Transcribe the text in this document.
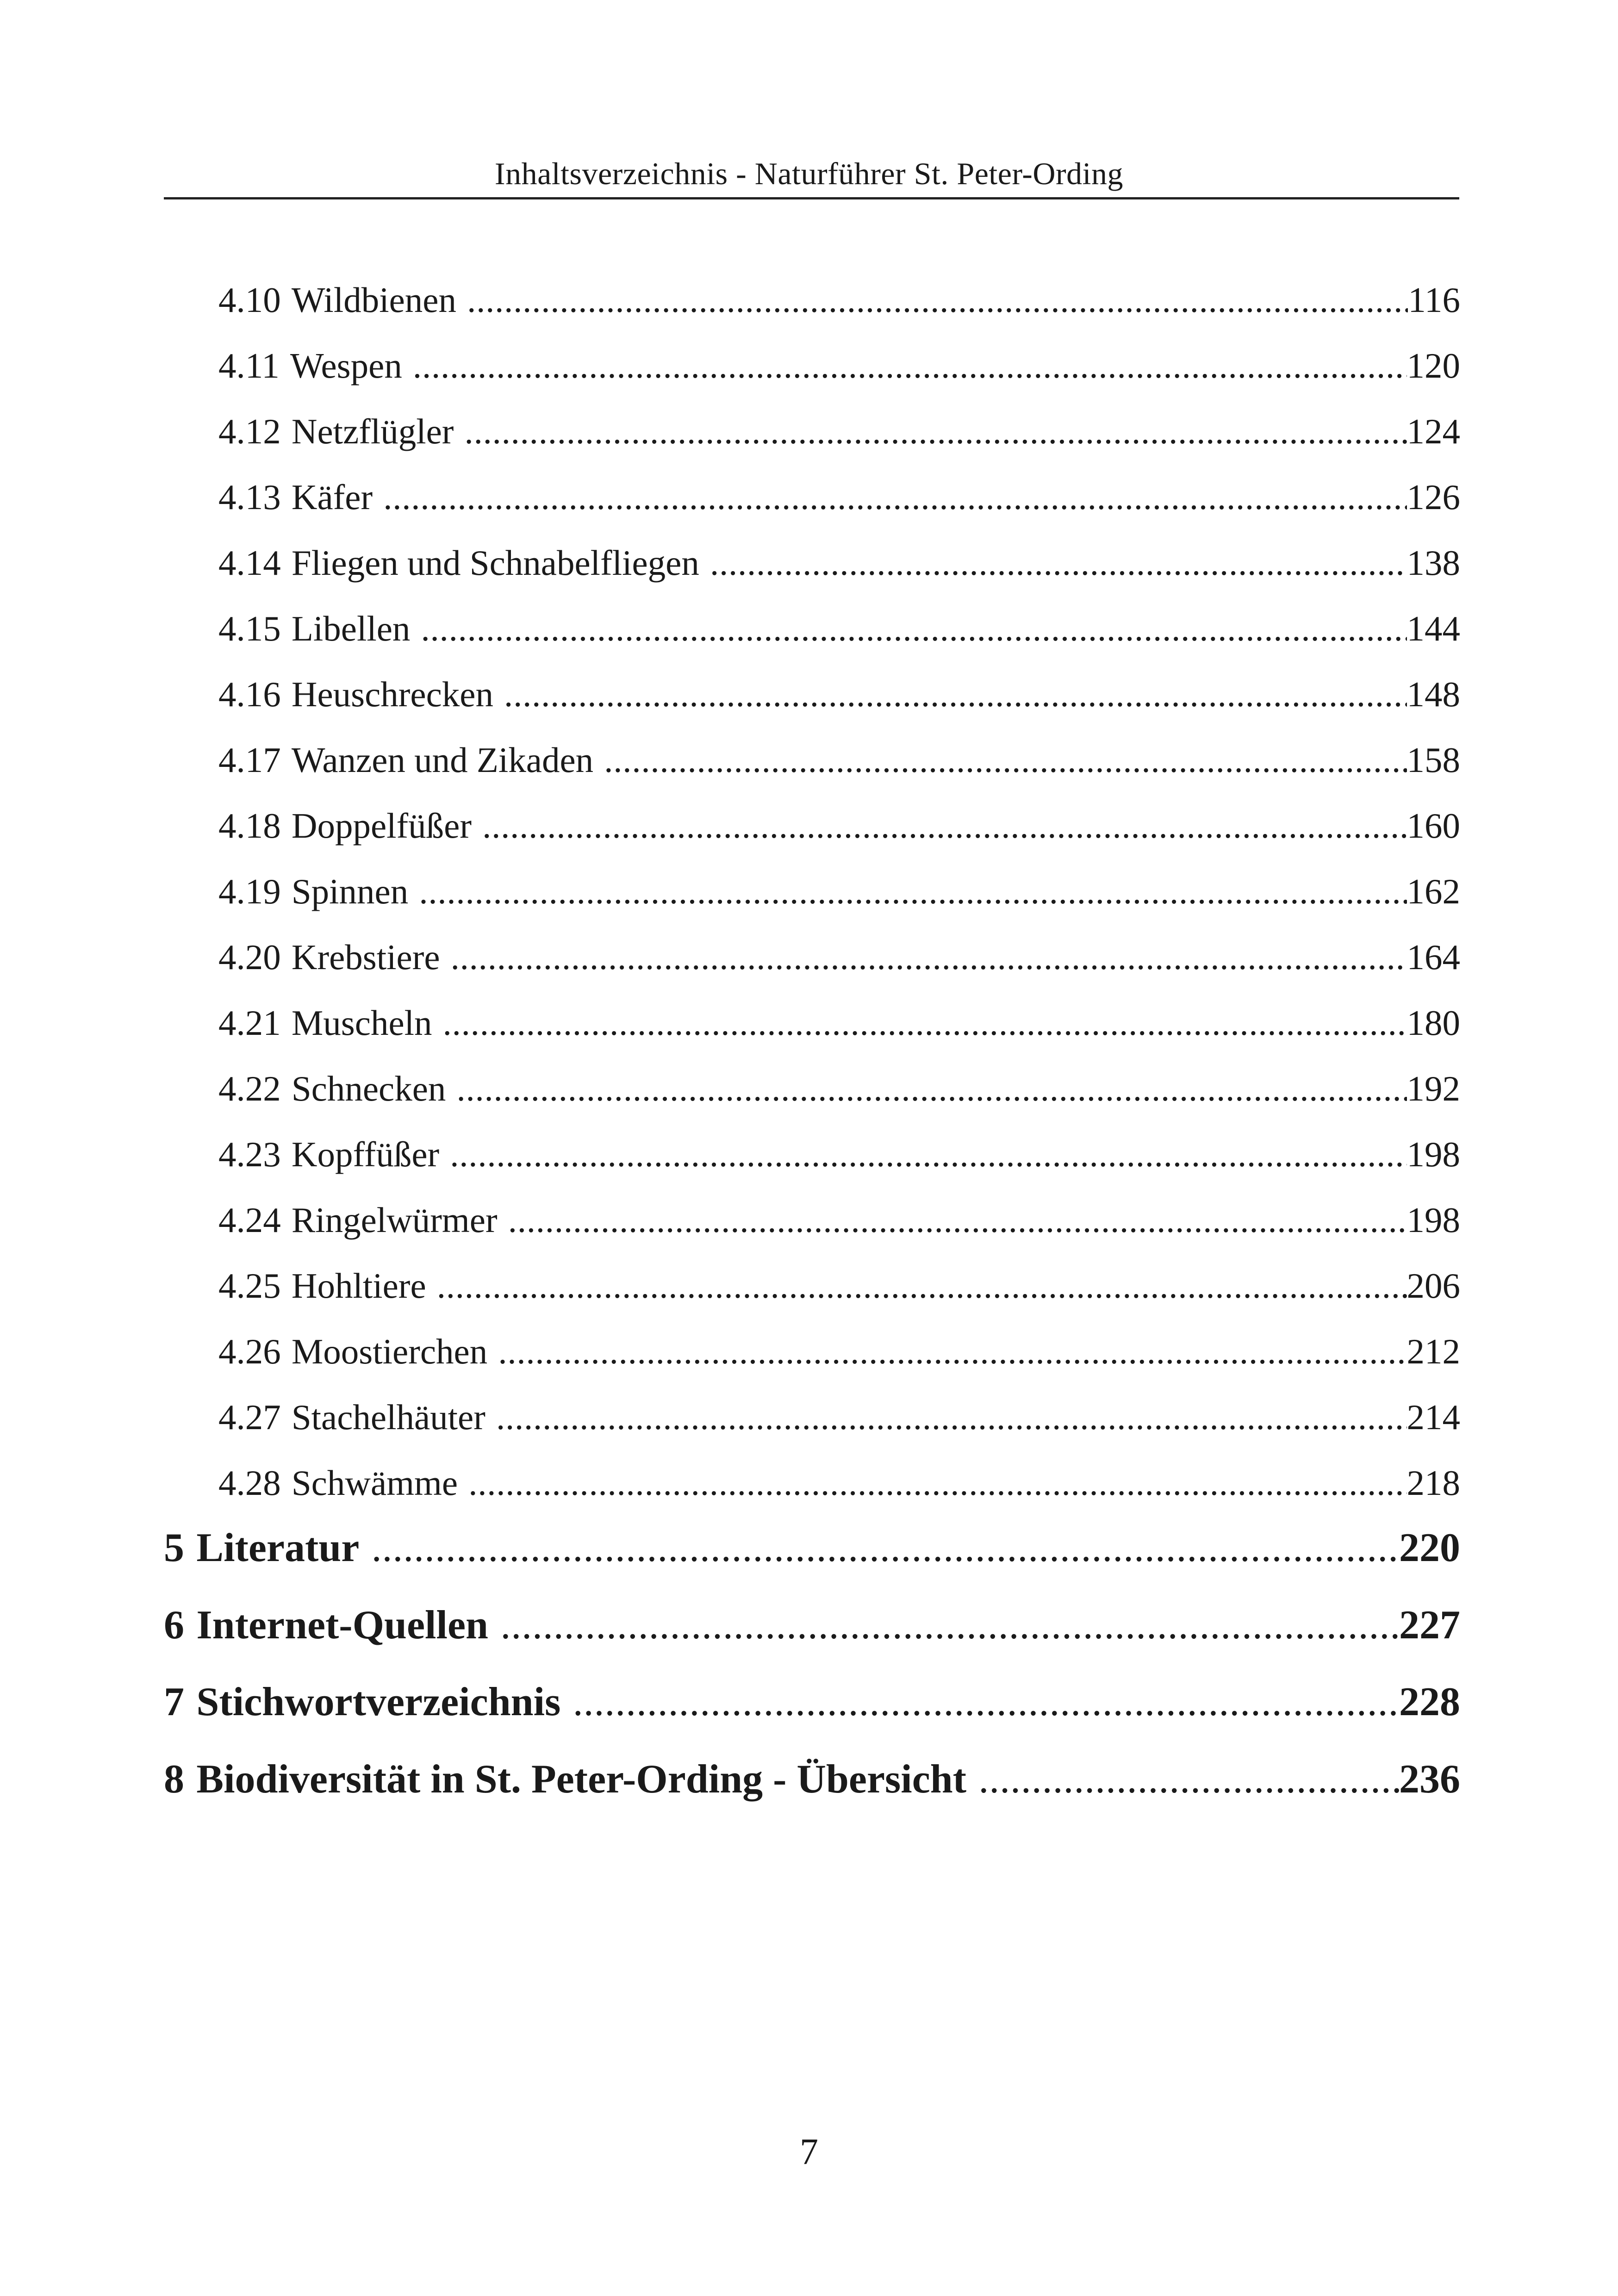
Inhaltsverzeichnis - Naturführer St. Peter-Ording
4.10 Wildbienen . . .	116
4.11 Wespen . . .	120
4.12 Netzflügler . . .	124
4.13 Käfer . . .	126
4.14 Fliegen und Schnabelfliegen . . .	138
4.15 Libellen . . .	144
4.16 Heuschrecken . . .	148
4.17 Wanzen und Zikaden . . .	158
4.18 Doppelfüßer . . .	160
4.19 Spinnen . . .	162
4.20 Krebstiere . . .	164
4.21 Muscheln . . .	180
4.22 Schnecken . . .	192
4.23 Kopffüßer . . .	198
4.24 Ringelwürmer . . .	198
4.25 Hohltiere . . .	206
4.26 Moostierchen . . .	212
4.27 Stachelhäuter . . .	214
4.28 Schwämme . . .	218
5 Literatur . . .	220
6 Internet-Quellen . . .	227
7 Stichwortverzeichnis . . .	228
8 Biodiversität in St. Peter-Ording - Übersicht . . .	236
7
